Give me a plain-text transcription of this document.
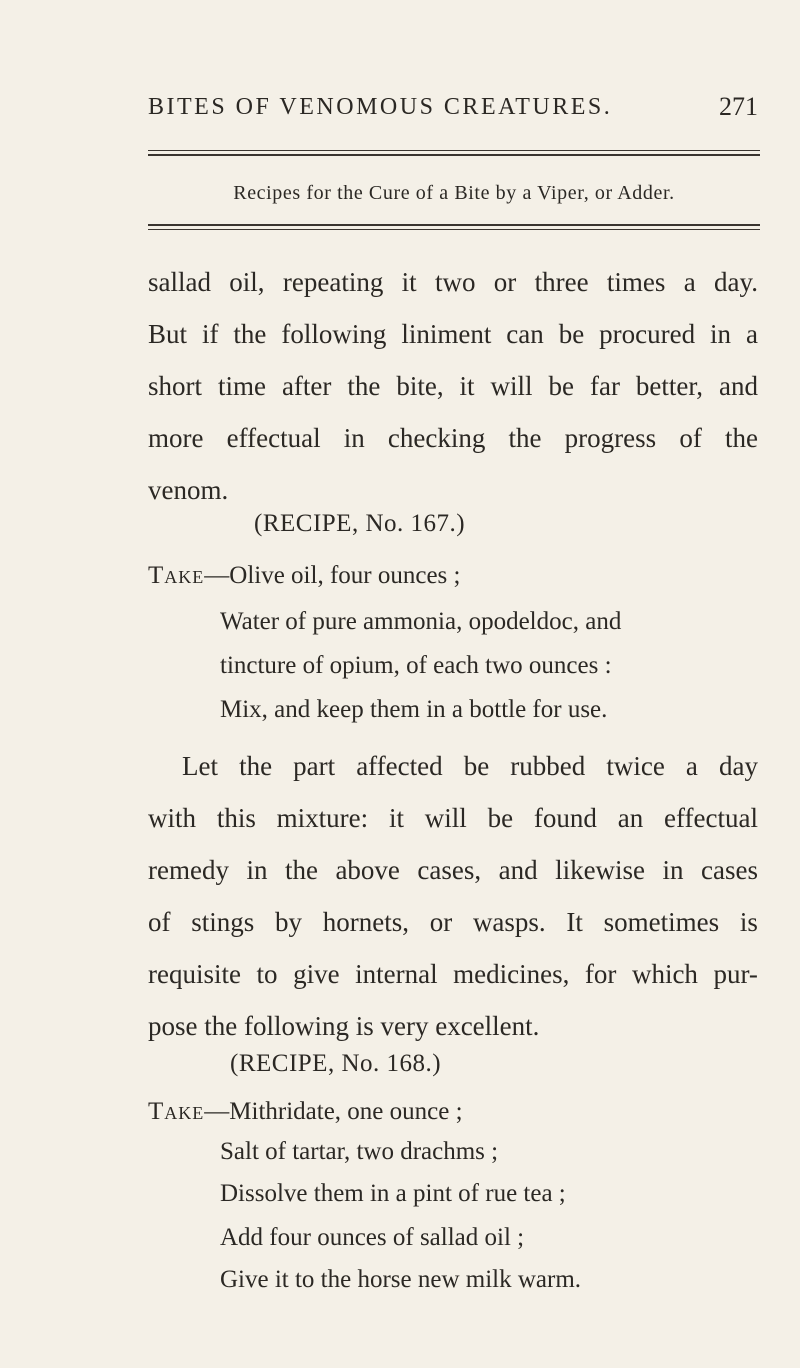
BITES OF VENOMOUS CREATURES.	271
Recipes for the Cure of a Bite by a Viper, or Adder.
sallad oil, repeating it two or three times a day.
But if the following liniment can be procured in a
short time after the bite, it will be far better, and
more effectual in checking the progress of the
venom.
(RECIPE, No. 167.)
Take—Olive oil, four ounces ;
Water of pure ammonia, opodeldoc, and
tincture of opium, of each two ounces :
Mix, and keep them in a bottle for use.
Let the part affected be rubbed twice a day
with this mixture: it will be found an effectual
remedy in the above cases, and likewise in cases
of stings by hornets, or wasps. It sometimes is
requisite to give internal medicines, for which pur-
pose the following is very excellent.
(RECIPE, No. 168.)
Take—Mithridate, one ounce ;
Salt of tartar, two drachms ;
Dissolve them in a pint of rue tea ;
Add four ounces of sallad oil ;
Give it to the horse new milk warm.
